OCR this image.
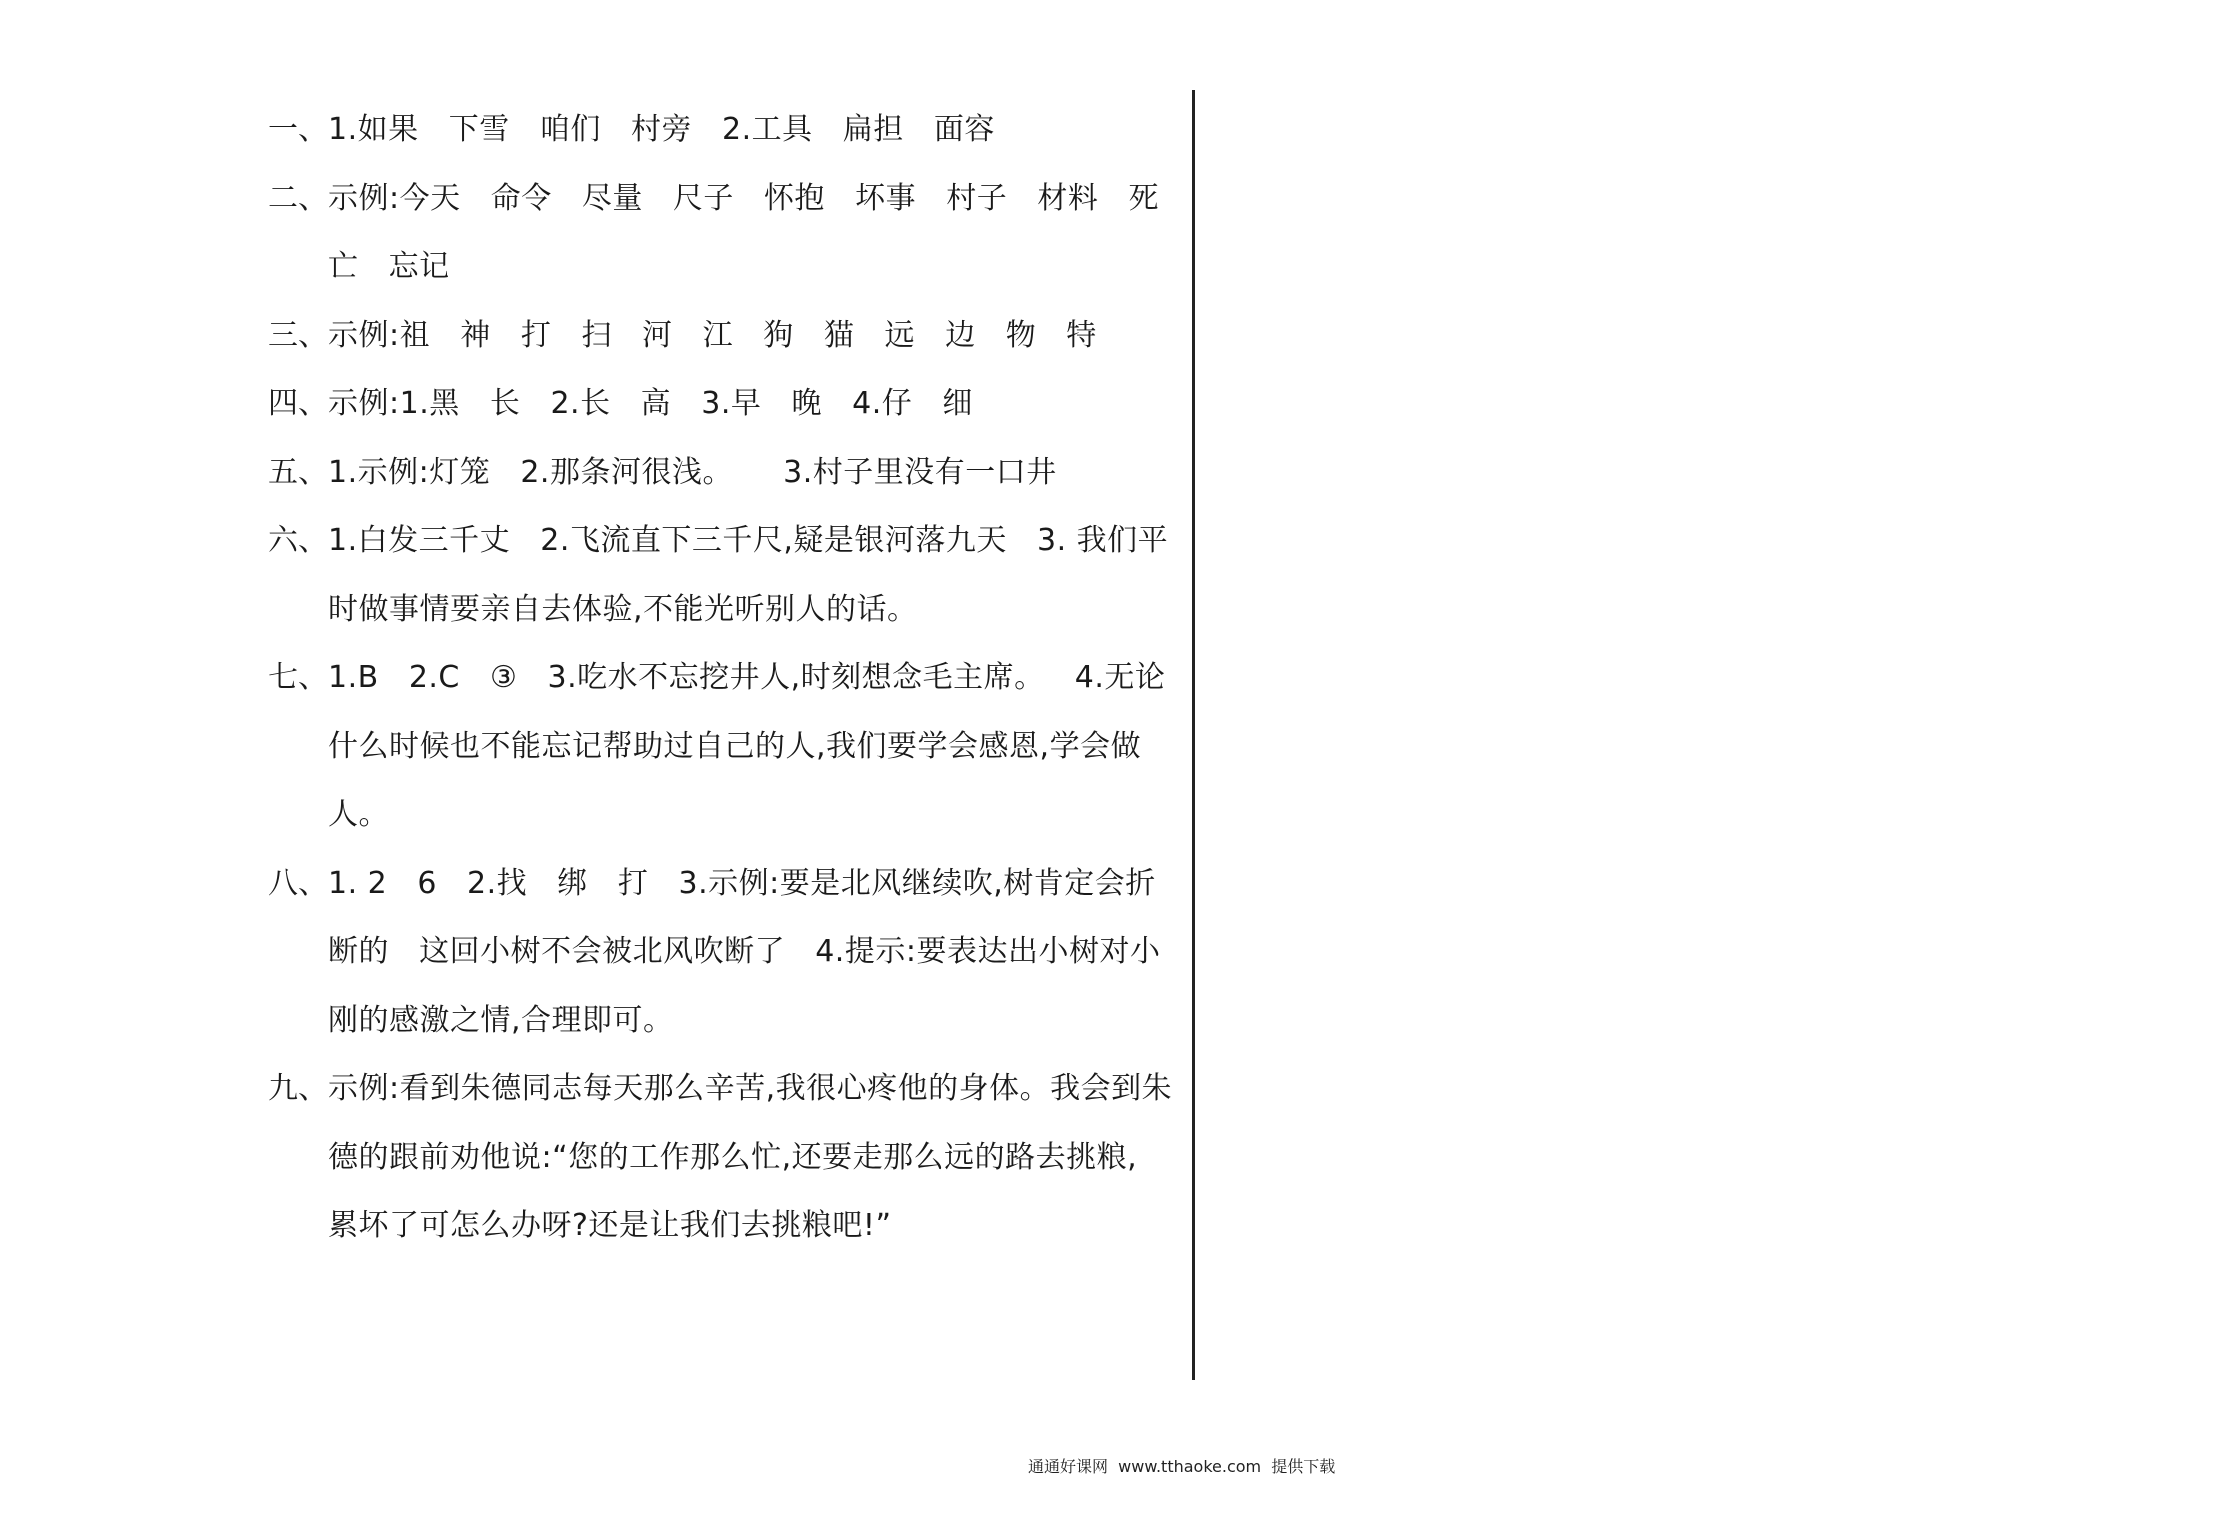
一、 1.如果   下雪   咱们   村旁   2.工具   扁担   面容
二、 示例:今天   命令   尽量   尺子   怀抱   坏事   村子   材料   死
亡   忘记
三、 示例:祖   神   打   扫   河   江   狗   猫   远   边   物   特
四、 示例:1.黑   长   2.长   高   3.早   晚   4.仔   细
五、 1.示例:灯笼   2.那条河很浅。     3.村子里没有一口井
六、 1.白发三千丈   2.飞流直下三千尺,疑是银河落九天   3. 我们平
时做事情要亲自去体验,不能光听别人的话。
七、 1.B   2.C   ③   3.吃水不忘挖井人,时刻想念毛主席。   4.无论
什么时候也不能忘记帮助过自己的人,我们要学会感恩,学会做
人。
八、 1. 2   6   2.找   绑   打   3.示例:要是北风继续吹,树肯定会折
断的   这回小树不会被北风吹断了   4.提示:要表达出小树对小
刚的感激之情,合理即可。
九、 示例:看到朱德同志每天那么辛苦,我很心疼他的身体。我会到朱
德的跟前劝他说:“您的工作那么忙,还要走那么远的路去挑粮,
累坏了可怎么办呀?还是让我们去挑粮吧!”
通通好课网  www.tthaoke.com  提供下载
